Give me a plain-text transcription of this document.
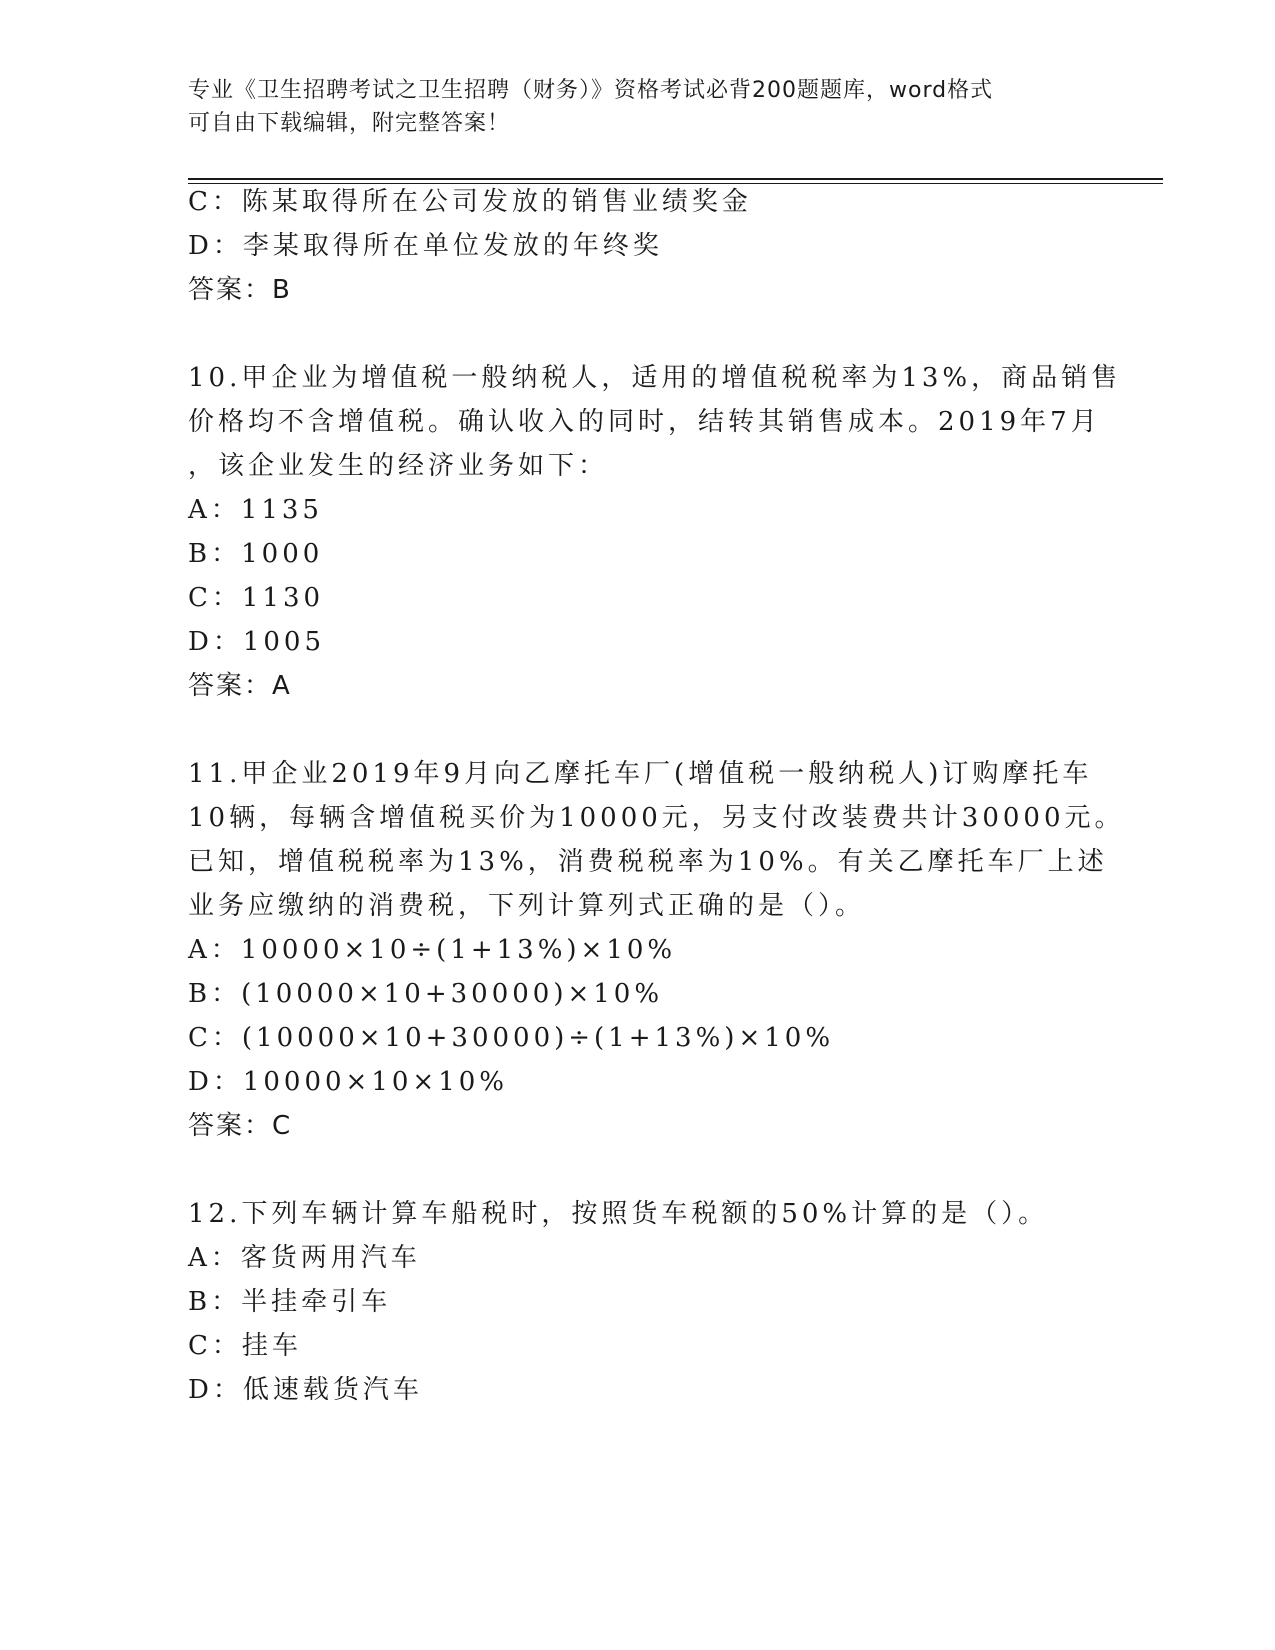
专业《卫生招聘考试之卫生招聘（财务）》资格考试必背200题题库，word格式
可自由下载编辑，附完整答案！
C：陈某取得所在公司发放的销售业绩奖金
D：李某取得所在单位发放的年终奖
答案：B
10.甲企业为增值税一般纳税人，适用的增值税税率为13%，商品销售
价格均不含增值税。确认收入的同时，结转其销售成本。2019年7月
，该企业发生的经济业务如下：
A：1135
B：1000
C：1130
D：1005
答案：A
11.甲企业2019年9月向乙摩托车厂(增值税一般纳税人)订购摩托车
10辆，每辆含增值税买价为10000元，另支付改装费共计30000元。
已知，增值税税率为13%，消费税税率为10%。有关乙摩托车厂上述
业务应缴纳的消费税，下列计算列式正确的是（）。
A：10000×10÷(1+13%)×10%
B：(10000×10+30000)×10%
C：(10000×10+30000)÷(1+13%)×10%
D：10000×10×10%
答案：C
12.下列车辆计算车船税时，按照货车税额的50%计算的是（）。
A：客货两用汽车
B：半挂牵引车
C：挂车
D：低速载货汽车
